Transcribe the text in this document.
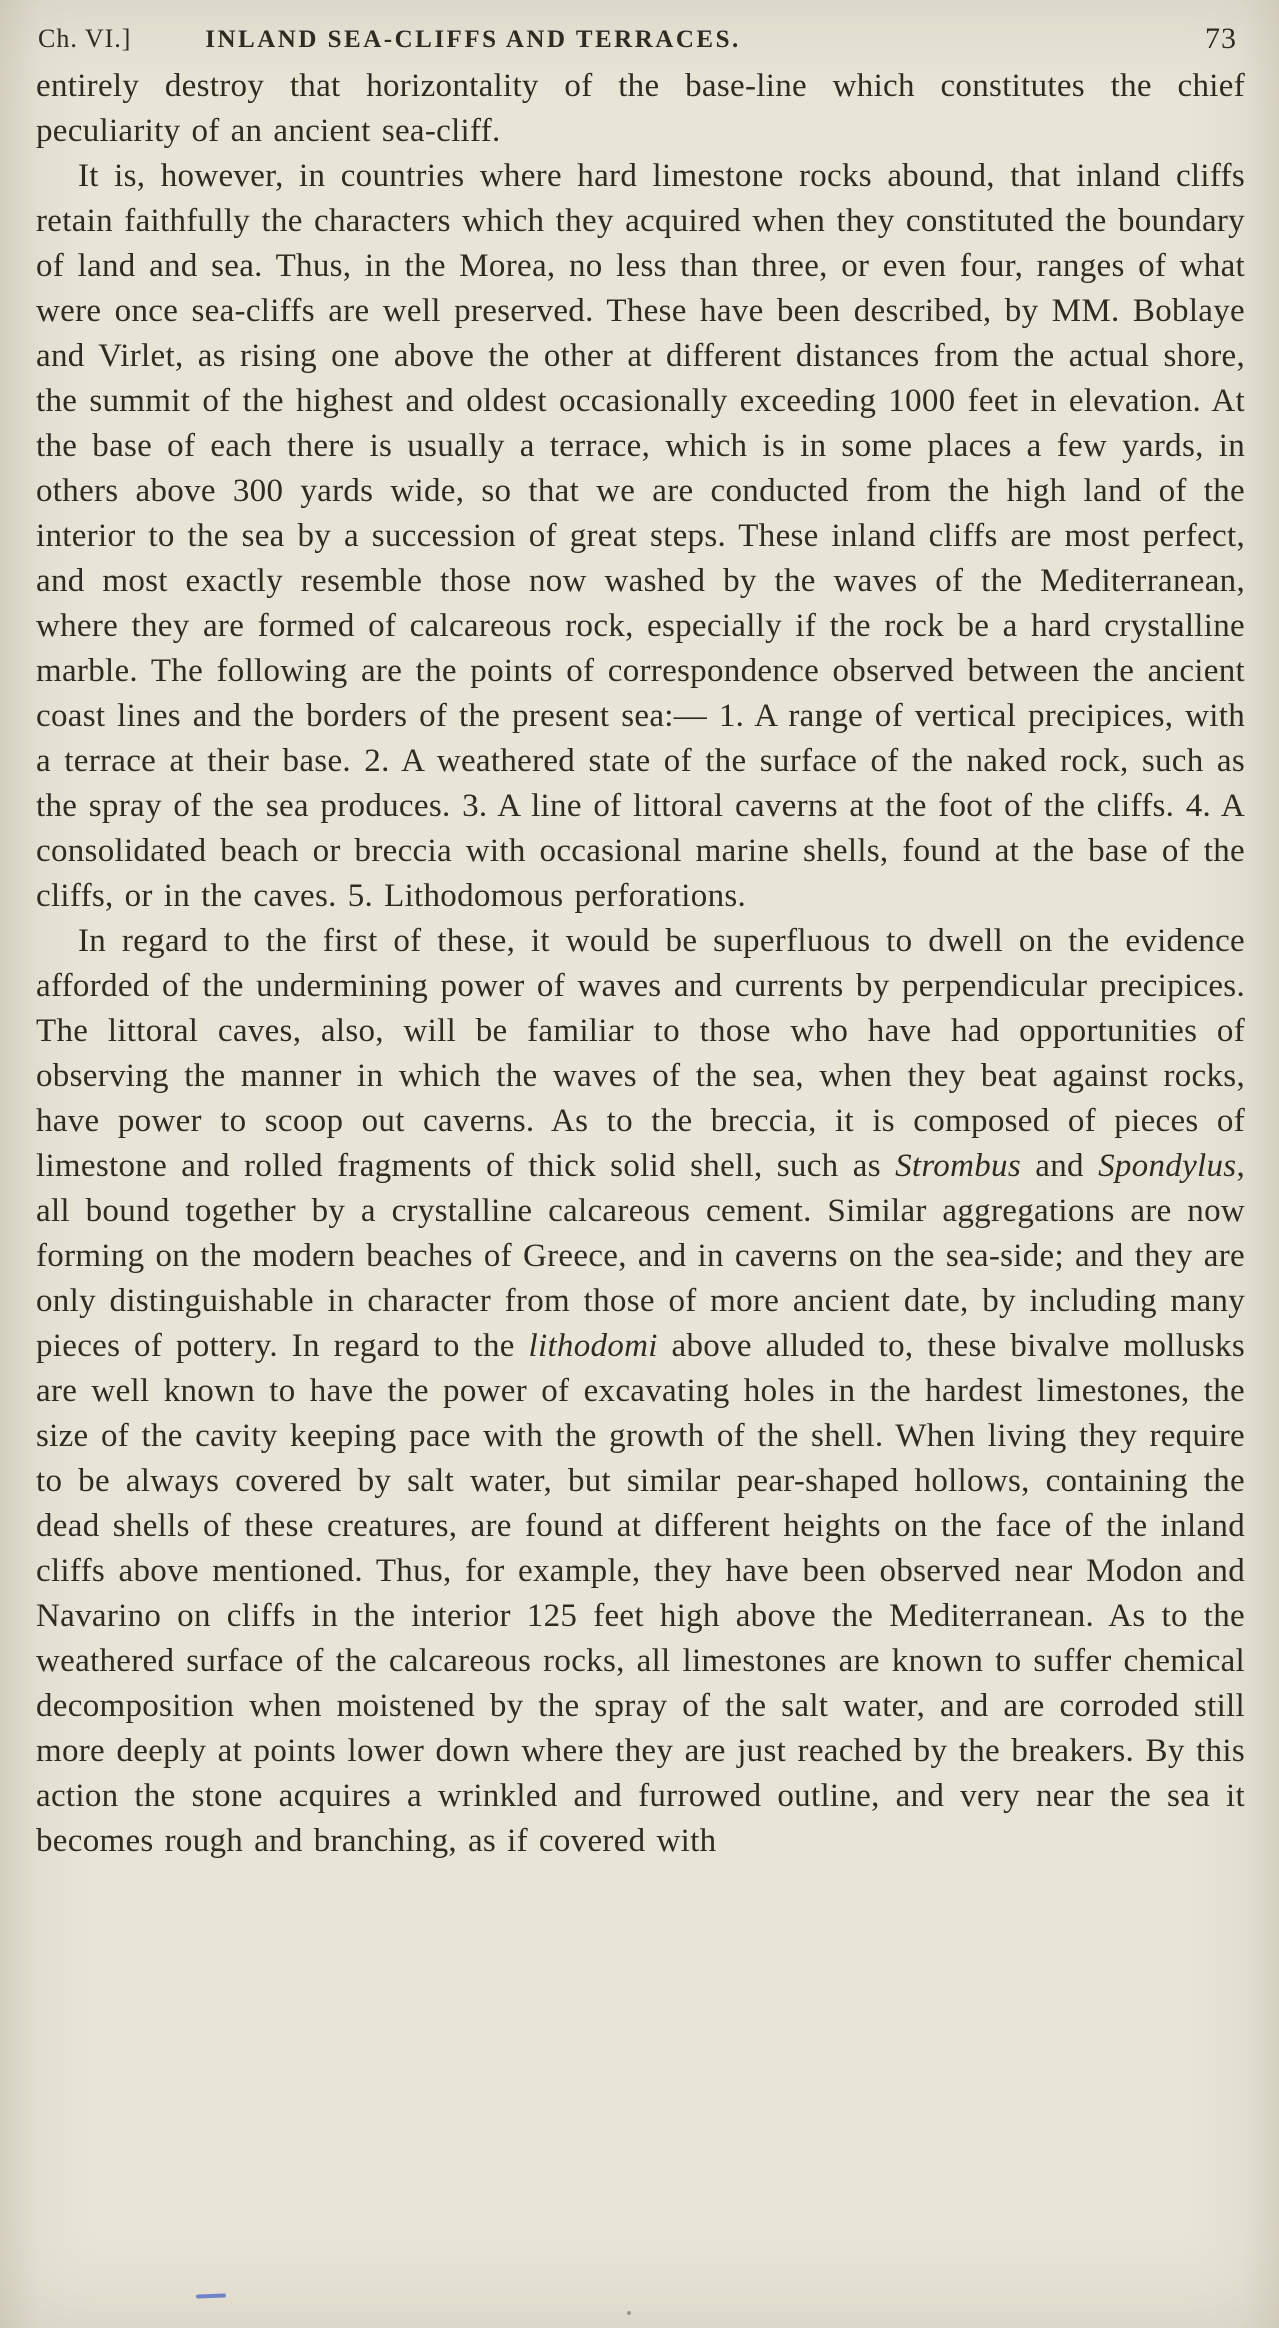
Ch. VI.]	INLAND SEA-CLIFFS AND TERRACES.	73

entirely destroy that horizontality of the base-line which constitutes the chief peculiarity of an ancient sea-cliff.

It is, however, in countries where hard limestone rocks abound, that inland cliffs retain faithfully the characters which they acquired when they constituted the boundary of land and sea. Thus, in the Morea, no less than three, or even four, ranges of what were once sea-cliffs are well preserved. These have been described, by MM. Boblaye and Virlet, as rising one above the other at different distances from the actual shore, the summit of the highest and oldest occasionally exceeding 1000 feet in elevation. At the base of each there is usually a terrace, which is in some places a few yards, in others above 300 yards wide, so that we are conducted from the high land of the interior to the sea by a succession of great steps. These inland cliffs are most perfect, and most exactly resemble those now washed by the waves of the Mediterranean, where they are formed of calcareous rock, especially if the rock be a hard crystalline marble. The following are the points of correspondence observed between the ancient coast lines and the borders of the present sea:— 1. A range of vertical precipices, with a terrace at their base. 2. A weathered state of the surface of the naked rock, such as the spray of the sea produces. 3. A line of littoral caverns at the foot of the cliffs. 4. A consolidated beach or breccia with occasional marine shells, found at the base of the cliffs, or in the caves. 5. Lithodomous perforations.

In regard to the first of these, it would be superfluous to dwell on the evidence afforded of the undermining power of waves and currents by perpendicular precipices. The littoral caves, also, will be familiar to those who have had opportunities of observing the manner in which the waves of the sea, when they beat against rocks, have power to scoop out caverns. As to the breccia, it is composed of pieces of limestone and rolled fragments of thick solid shell, such as Strombus and Spondylus, all bound together by a crystalline calcareous cement. Similar aggregations are now forming on the modern beaches of Greece, and in caverns on the sea-side; and they are only distinguishable in character from those of more ancient date, by including many pieces of pottery. In regard to the lithodomi above alluded to, these bivalve mollusks are well known to have the power of excavating holes in the hardest limestones, the size of the cavity keeping pace with the growth of the shell. When living they require to be always covered by salt water, but similar pear-shaped hollows, containing the dead shells of these creatures, are found at different heights on the face of the inland cliffs above mentioned. Thus, for example, they have been observed near Modon and Navarino on cliffs in the interior 125 feet high above the Mediterranean. As to the weathered surface of the calcareous rocks, all limestones are known to suffer chemical decomposition when moistened by the spray of the salt water, and are corroded still more deeply at points lower down where they are just reached by the breakers. By this action the stone acquires a wrinkled and furrowed outline, and very near the sea it becomes rough and branching, as if covered with
